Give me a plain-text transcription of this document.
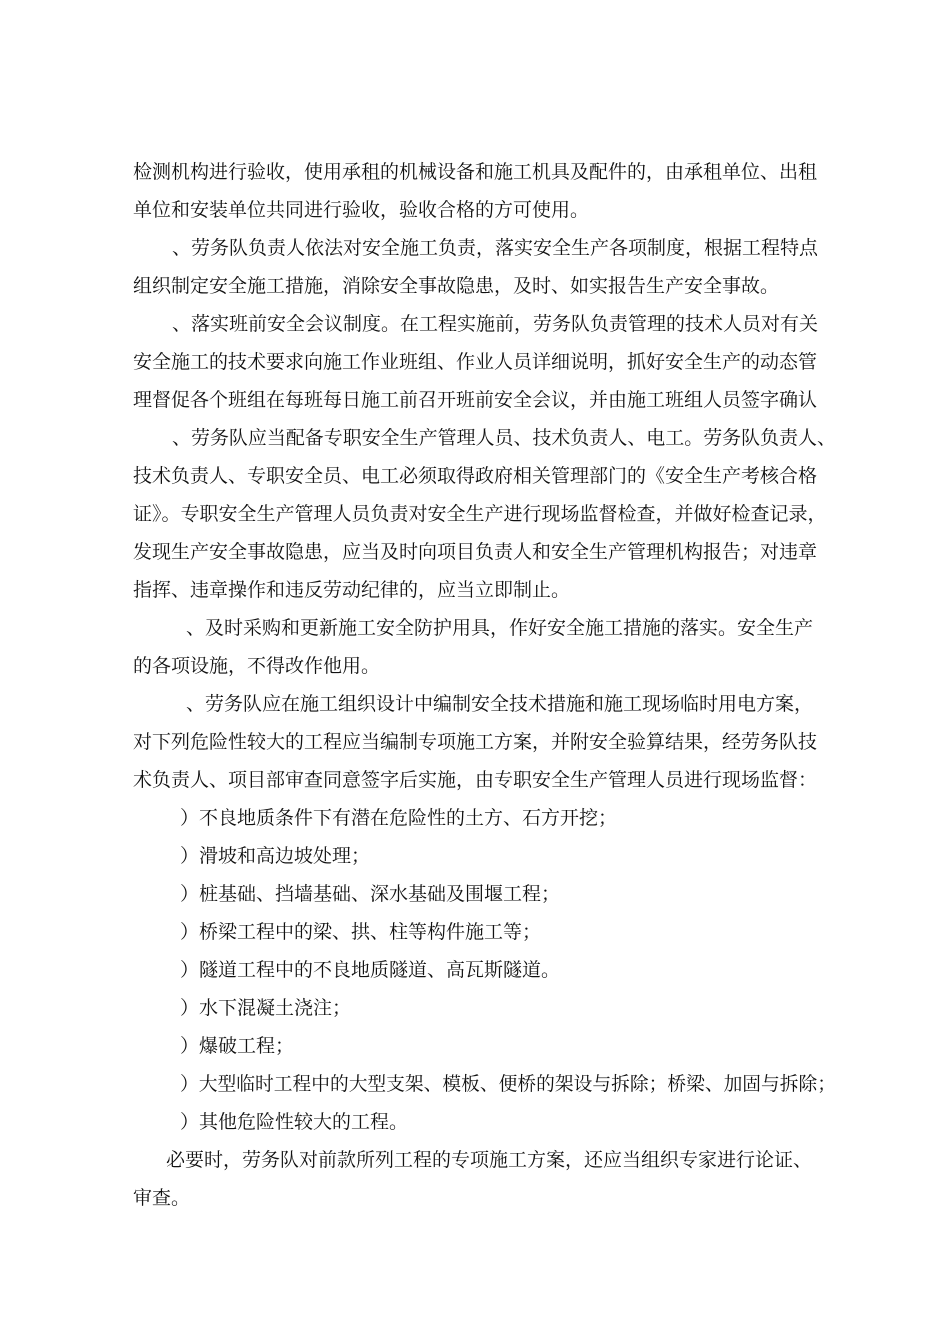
检测机构进行验收，使用承租的机械设备和施工机具及配件的，由承租单位、出租
单位和安装单位共同进行验收，验收合格的方可使用。
、劳务队负责人依法对安全施工负责，落实安全生产各项制度，根据工程特点
组织制定安全施工措施，消除安全事故隐患，及时、如实报告生产安全事故。
、落实班前安全会议制度。在工程实施前，劳务队负责管理的技术人员对有关
安全施工的技术要求向施工作业班组、作业人员详细说明，抓好安全生产的动态管
理督促各个班组在每班每日施工前召开班前安全会议，并由施工班组人员签字确认
、劳务队应当配备专职安全生产管理人员、技术负责人、电工。劳务队负责人、
技术负责人、专职安全员、电工必须取得政府相关管理部门的《安全生产考核合格
证》。专职安全生产管理人员负责对安全生产进行现场监督检查，并做好检查记录，
发现生产安全事故隐患，应当及时向项目负责人和安全生产管理机构报告；对违章
指挥、违章操作和违反劳动纪律的，应当立即制止。
、及时采购和更新施工安全防护用具，作好安全施工措施的落实。安全生产
的各项设施，不得改作他用。
、劳务队应在施工组织设计中编制安全技术措施和施工现场临时用电方案，
对下列危险性较大的工程应当编制专项施工方案，并附安全验算结果，经劳务队技
术负责人、项目部审查同意签字后实施，由专职安全生产管理人员进行现场监督：
）不良地质条件下有潜在危险性的土方、石方开挖；
）滑坡和高边坡处理；
）桩基础、挡墙基础、深水基础及围堰工程；
）桥梁工程中的梁、拱、柱等构件施工等；
）隧道工程中的不良地质隧道、高瓦斯隧道。
）水下混凝土浇注；
）爆破工程；
）大型临时工程中的大型支架、模板、便桥的架设与拆除；桥梁、加固与拆除；
）其他危险性较大的工程。
必要时，劳务队对前款所列工程的专项施工方案，还应当组织专家进行论证、
审查。
